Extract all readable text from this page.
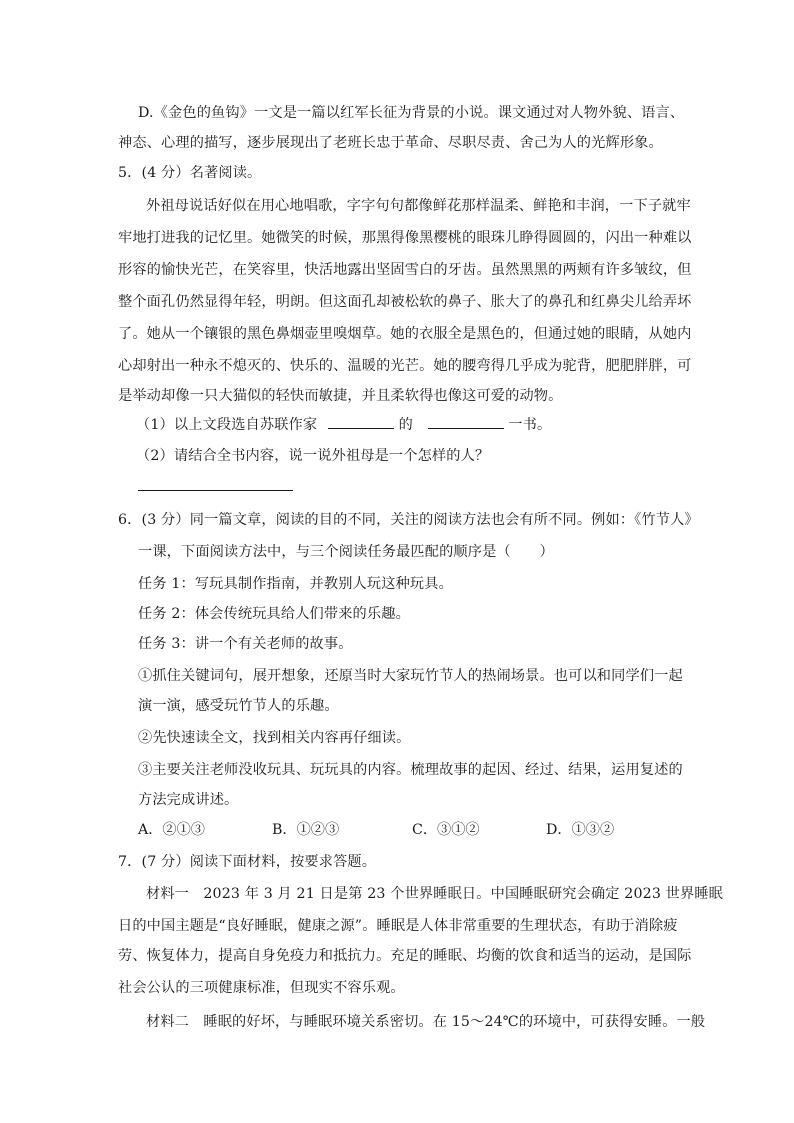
D.《金色的鱼钩》一文是一篇以红军长征为背景的小说。课文通过对人物外貌、语言、
神态、心理的描写，逐步展现出了老班长忠于革命、尽职尽责、舍己为人的光辉形象。
5．(4 分）名著阅读。
外祖母说话好似在用心地唱歌，字字句句都像鲜花那样温柔、鲜艳和丰润，一下子就牢
牢地打进我的记忆里。她微笑的时候，那黑得像黑樱桃的眼珠儿睁得圆圆的，闪出一种难以
形容的愉快光芒，在笑容里，快活地露出坚固雪白的牙齿。虽然黑黑的两颊有许多皱纹，但
整个面孔仍然显得年轻，明朗。但这面孔却被松软的鼻子、胀大了的鼻孔和红鼻尖儿给弄坏
了。她从一个镶银的黑色鼻烟壶里嗅烟草。她的衣服全是黑色的，但通过她的眼睛，从她内
心却射出一种永不熄灭的、快乐的、温暖的光芒。她的腰弯得几乎成为驼背，肥肥胖胖，可
是举动却像一只大猫似的轻快而敏捷，并且柔软得也像这可爱的动物。
（1）以上文段选自苏联作家	的	一书。
（2）请结合全书内容，说一说外祖母是一个怎样的人？
6．(3 分）同一篇文章，阅读的目的不同，关注的阅读方法也会有所不同。例如：《竹节人》
一课，下面阅读方法中，与三个阅读任务最匹配的顺序是（　　）
任务 1：写玩具制作指南，并教别人玩这种玩具。
任务 2：体会传统玩具给人们带来的乐趣。
任务 3：讲一个有关老师的故事。
①抓住关键词句，展开想象，还原当时大家玩竹节人的热闹场景。也可以和同学们一起
演一演，感受玩竹节人的乐趣。
②先快速读全文，找到相关内容再仔细读。
③主要关注老师没收玩具、玩玩具的内容。梳理故事的起因、经过、结果，运用复述的
方法完成讲述。
A．②①③	B．①②③	C．③①②	D．①③②
7．(7 分）阅读下面材料，按要求答题。
材料一　2023 年 3 月 21 日是第 23 个世界睡眠日。中国睡眠研究会确定 2023 世界睡眠
日的中国主题是“良好睡眠，健康之源”。睡眠是人体非常重要的生理状态，有助于消除疲
劳、恢复体力，提高自身免疫力和抵抗力。充足的睡眠、均衡的饮食和适当的运动，是国际
社会公认的三项健康标准，但现实不容乐观。
材料二　睡眠的好坏，与睡眠环境关系密切。在 15～24℃的环境中，可获得安睡。一般
